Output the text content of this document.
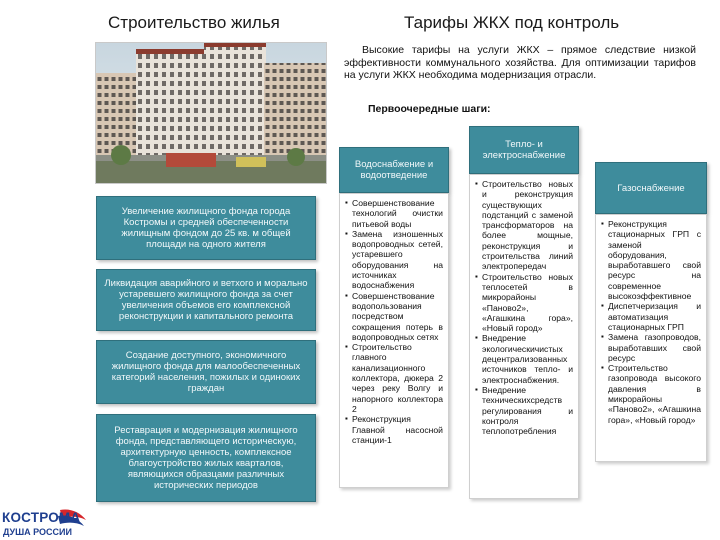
Строительство жилья	Тарифы ЖКХ под контроль
Высокие тарифы на услуги ЖКХ – прямое следствие низкой эффективности коммунального хозяйства. Для оптимизации тарифов на услуги ЖКХ необходима модернизация отрасли.
Первоочередные шаги:
Увеличение жилищного фонда города Костромы и средней обеспеченности жилищным фондом до 25 кв. м общей площади на одного жителя
Ликвидация аварийного и ветхого и морально устаревшего жилищного фонда за счет увеличения объемов его комплексной реконструкции и капитального ремонта
Создание доступного, экономичного жилищного фонда для малообеспеченных категорий населения, пожилых и одиноких граждан
Реставрация и модернизация жилищного фонда, представляющего историческую, архитектурную ценность, комплексное благоустройство жилых кварталов, являющихся образцами различных исторических периодов
Водоснабжение и водоотведение
▪ Совершенствование технологий очистки питьевой воды
▪ Замена изношенных водопроводных сетей, устаревшего оборудования на источниках водоснабжения
▪ Совершенствование водопользования посредством сокращения потерь в водопроводных сетях
▪ Строительство главного канализационного коллектора, дюкера 2 через реку Волгу и напорного коллектора 2
▪ Реконструкция Главной насосной станции-1
Тепло- и электроснабжение
▪ Строительство новых и реконструкция существующих подстанций с заменой трансформаторов на более мощные, реконструкция и строительства линий электропередач
▪ Строительство новых теплосетей в микрорайоны «Паново2», «Агашкина гора», «Новый город»
▪ Внедрение экологическичистых децентрализованных источников тепло- и электроснабжения.
▪ Внедрение техническихсредств регулирования и контроля теплопотребления
Газоснабжение
▪ Реконструкция стационарных ГРП с заменой оборудования, выработавшего свой ресурс на современное высокоэффективное
▪ Диспетчеризация и автоматизация стационарных ГРП
▪ Замена газопроводов, выработавших свой ресурс
▪ Строительство газопровода высокого давления в микрорайоны «Паново2», «Агашкина гора», «Новый город»
КОСТРОМА
ДУША РОССИИ
